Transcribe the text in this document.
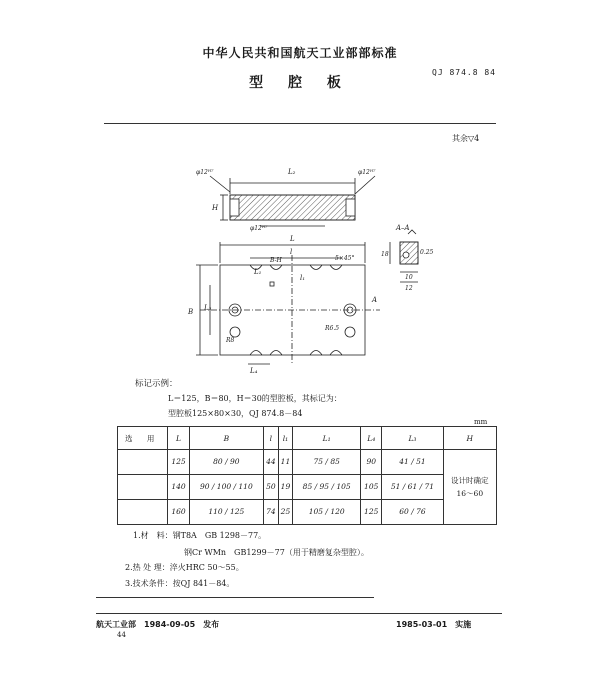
中华人民共和国航天工业部部标准
型 腔 板
QJ 874.8 84
其余▽4
L₂
L
H
B
l
L₁
l₁
L₃
L₄
5×45°
R8
R6.5
φ12ᴴ⁷	φ12ᴴ⁷
φ12ᴴ⁷
A
A–A
10
18
12
B-H
0.25
标记示例：
L＝125，B＝80，H＝30的型腔板，其标记为：
型腔板125×80×30，QJ 874.8－84
mm
选 用	L	B	l	l₁	L₁	L₄	L₃	H
	125	80 / 90	44	11	75 / 85	90	41 / 51	设计时确定
16～60
	140	90 / 100 / 110	50	19	85 / 95 / 105	105	51 / 61 / 71	
	160	110 / 125	74	25	105 / 120	125	60 / 76	
1.材　料：钢T8A　GB 1298－77。
钢Cr WMn　GB1299－77（用于精磨复杂型腔）。
2.热 处 理：淬火HRC 50～55。
3.技术条件：按QJ 841－84。
航天工业部　1984-09-05　发布	1985-03-01　实施
44
